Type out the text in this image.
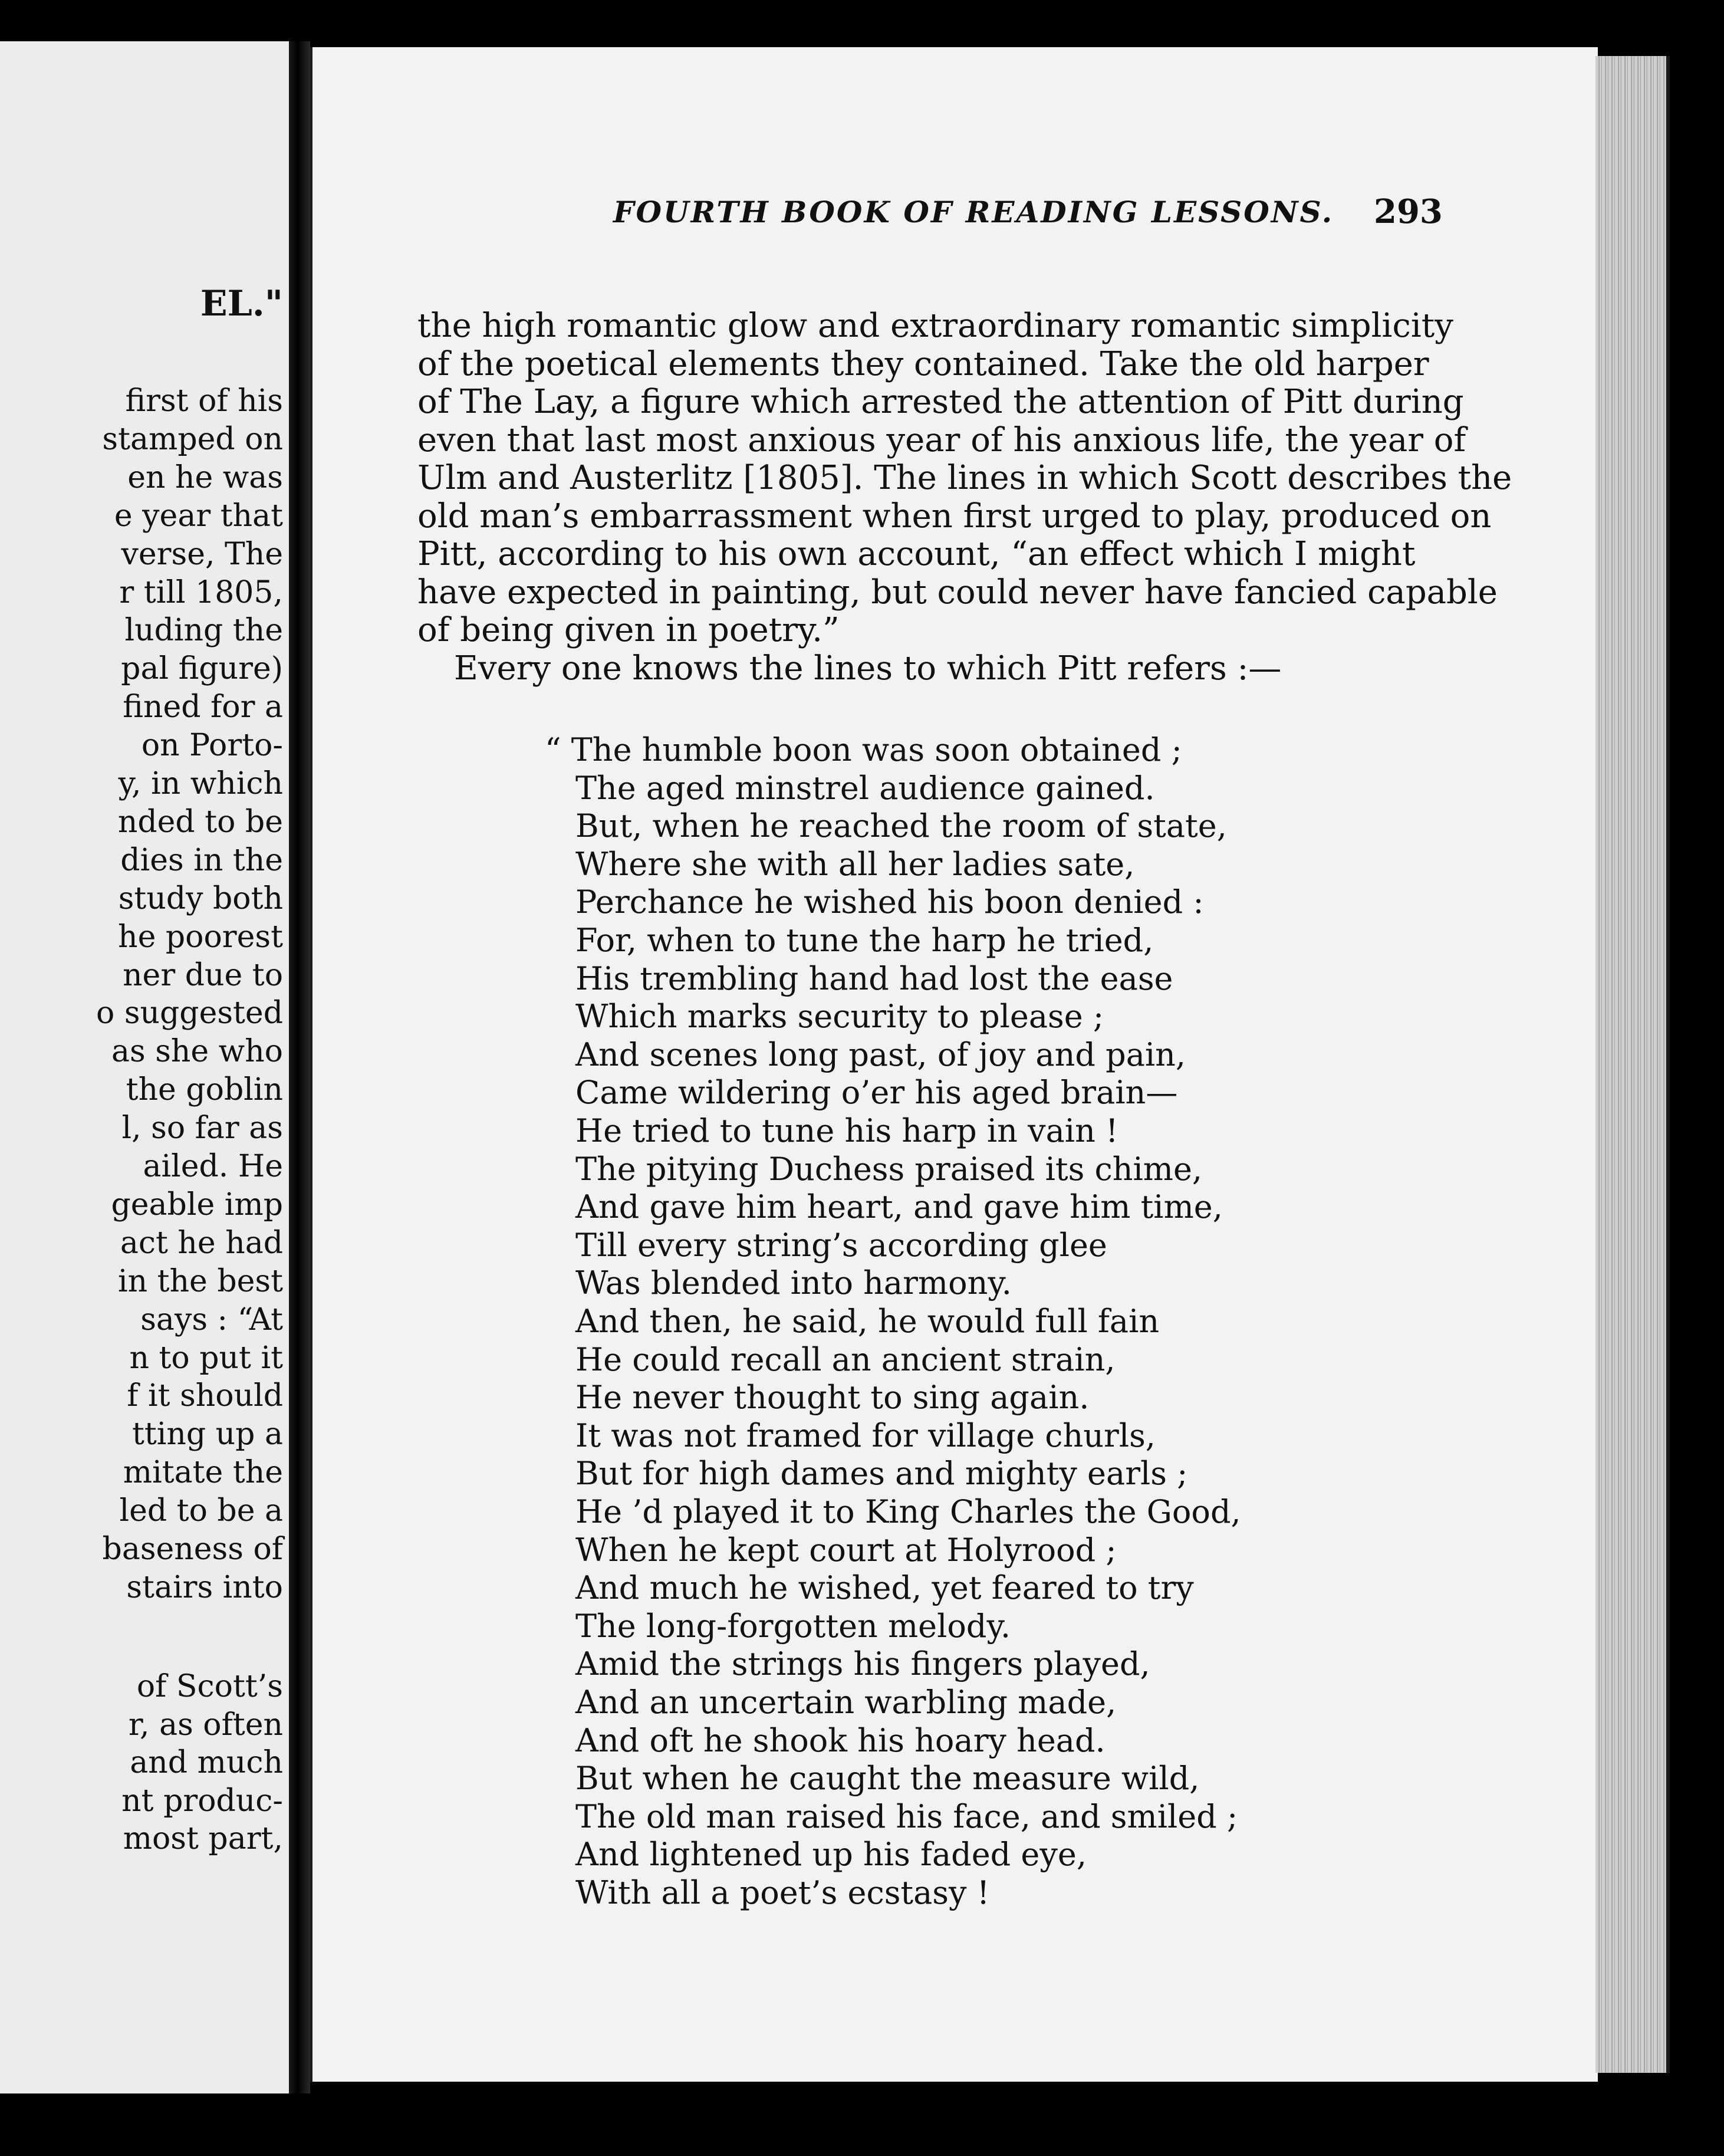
EL."
first of his
stamped on
en he was
e year that
verse, The
r till 1805,
luding the
pal figure)
fined for a
on Porto-
y, in which
nded to be
dies in the
study both
he poorest
ner due to
o suggested
as she who
the goblin
l, so far as
ailed. He
geable imp
act he had
in the best
says : “At
n to put it
f it should
tting up a
mitate the
led to be a
baseness of
stairs into
of Scott’s
r, as often
and much
nt produc-
most part,
FOURTH BOOK OF READING LESSONS. 293
the high romantic glow and extraordinary romantic simplicity
of the poetical elements they contained. Take the old harper
of The Lay, a figure which arrested the attention of Pitt during
even that last most anxious year of his anxious life, the year of
Ulm and Austerlitz [1805]. The lines in which Scott describes the
old man’s embarrassment when first urged to play, produced on
Pitt, according to his own account, “an effect which I might
have expected in painting, but could never have fancied capable
of being given in poetry.”
Every one knows the lines to which Pitt refers :—
“ The humble boon was soon obtained ;
The aged minstrel audience gained.
But, when he reached the room of state,
Where she with all her ladies sate,
Perchance he wished his boon denied :
For, when to tune the harp he tried,
His trembling hand had lost the ease
Which marks security to please ;
And scenes long past, of joy and pain,
Came wildering o’er his aged brain—
He tried to tune his harp in vain !
The pitying Duchess praised its chime,
And gave him heart, and gave him time,
Till every string’s according glee
Was blended into harmony.
And then, he said, he would full fain
He could recall an ancient strain,
He never thought to sing again.
It was not framed for village churls,
But for high dames and mighty earls ;
He ’d played it to King Charles the Good,
When he kept court at Holyrood ;
And much he wished, yet feared to try
The long-forgotten melody.
Amid the strings his fingers played,
And an uncertain warbling made,
And oft he shook his hoary head.
But when he caught the measure wild,
The old man raised his face, and smiled ;
And lightened up his faded eye,
With all a poet’s ecstasy !
